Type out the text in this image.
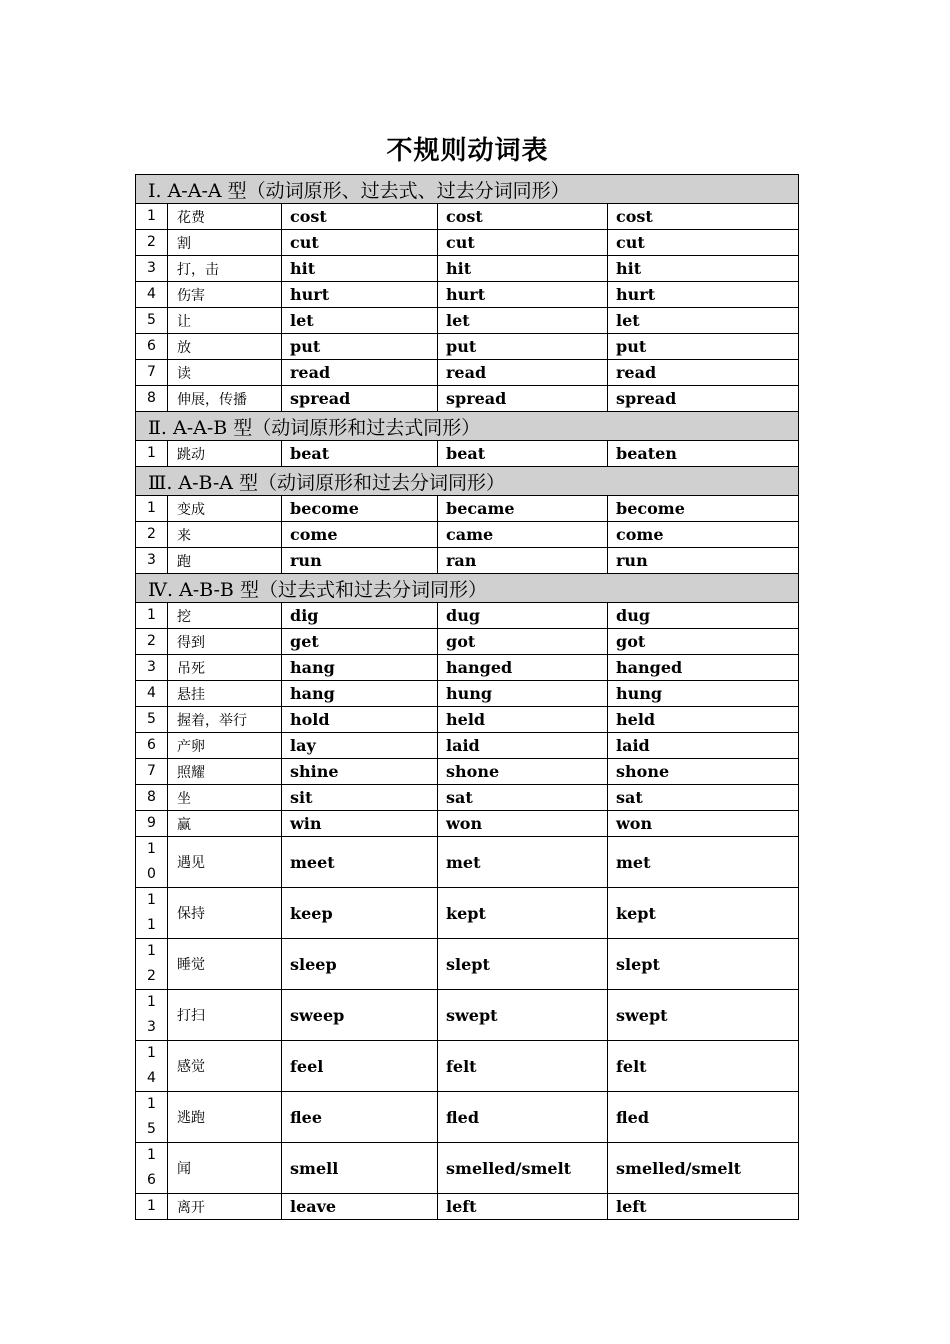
不规则动词表
Ⅰ. A-A-A 型（动词原形、过去式、过去分词同形）				

1	花费	cost	cost	cost

2	割	cut	cut	cut

3	打，击	hit	hit	hit

4	伤害	hurt	hurt	hurt

5	让	let	let	let

6	放	put	put	put

7	读	read	read	read

8	伸展，传播	spread	spread	spread
Ⅱ. A-A-B 型（动词原形和过去式同形）				

1	跳动	beat	beat	beaten
Ⅲ. A-B-A 型（动词原形和过去分词同形）				

1	变成	become	became	become

2	来	come	came	come

3	跑	run	ran	run
Ⅳ. A-B-B 型（过去式和过去分词同形）				

1	挖	dig	dug	dug

2	得到	get	got	got

3	吊死	hang	hanged	hanged

4	悬挂	hang	hung	hung

5	握着，举行	hold	held	held

6	产卵	lay	laid	laid

7	照耀	shine	shone	shone

8	坐	sit	sat	sat

9	赢	win	won	won

10	遇见	meet	met	met

11	保持	keep	kept	kept

12	睡觉	sleep	slept	slept

13	打扫	sweep	swept	swept

14	感觉	feel	felt	felt

15	逃跑	flee	fled	fled

16	闻	smell	smelled/smelt	smelled/smelt

1	离开	leave	left	left
